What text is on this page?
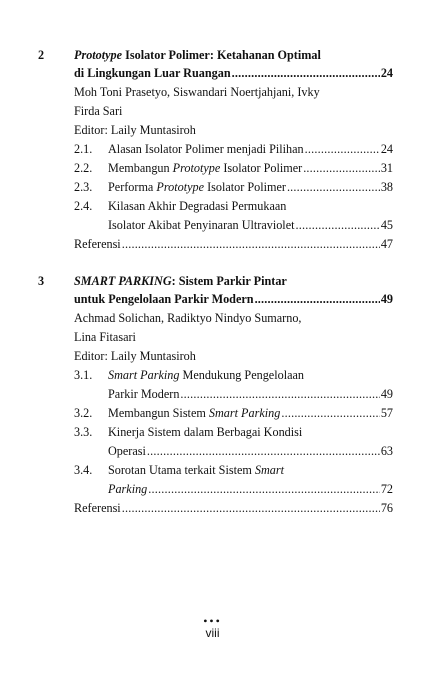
2 Prototype Isolator Polimer: Ketahanan Optimal
di Lingkungan Luar Ruangan .....	24
Moh Toni Prasetyo, Siswandari Noertjahjani, Ivky
Firda Sari
Editor: Laily Muntasiroh
2.1. Alasan Isolator Polimer menjadi Pilihan .....	24
2.2. Membangun Prototype Isolator Polimer .....	31
2.3. Performa Prototype Isolator Polimer .....	38
2.4. Kilasan Akhir Degradasi Permukaan
Isolator Akibat Penyinaran Ultraviolet .....	45
Referensi .....	47
3 SMART PARKING: Sistem Parkir Pintar
untuk Pengelolaan Parkir Modern .....	49
Achmad Solichan, Radiktyo Nindyo Sumarno,
Lina Fitasari
Editor: Laily Muntasiroh
3.1. Smart Parking Mendukung Pengelolaan
Parkir Modern .....	49
3.2. Membangun Sistem Smart Parking .....	57
3.3. Kinerja Sistem dalam Berbagai Kondisi
Operasi .....	63
3.4. Sorotan Utama terkait Sistem Smart
Parking .....	72
Referensi .....	76
•••
viii
